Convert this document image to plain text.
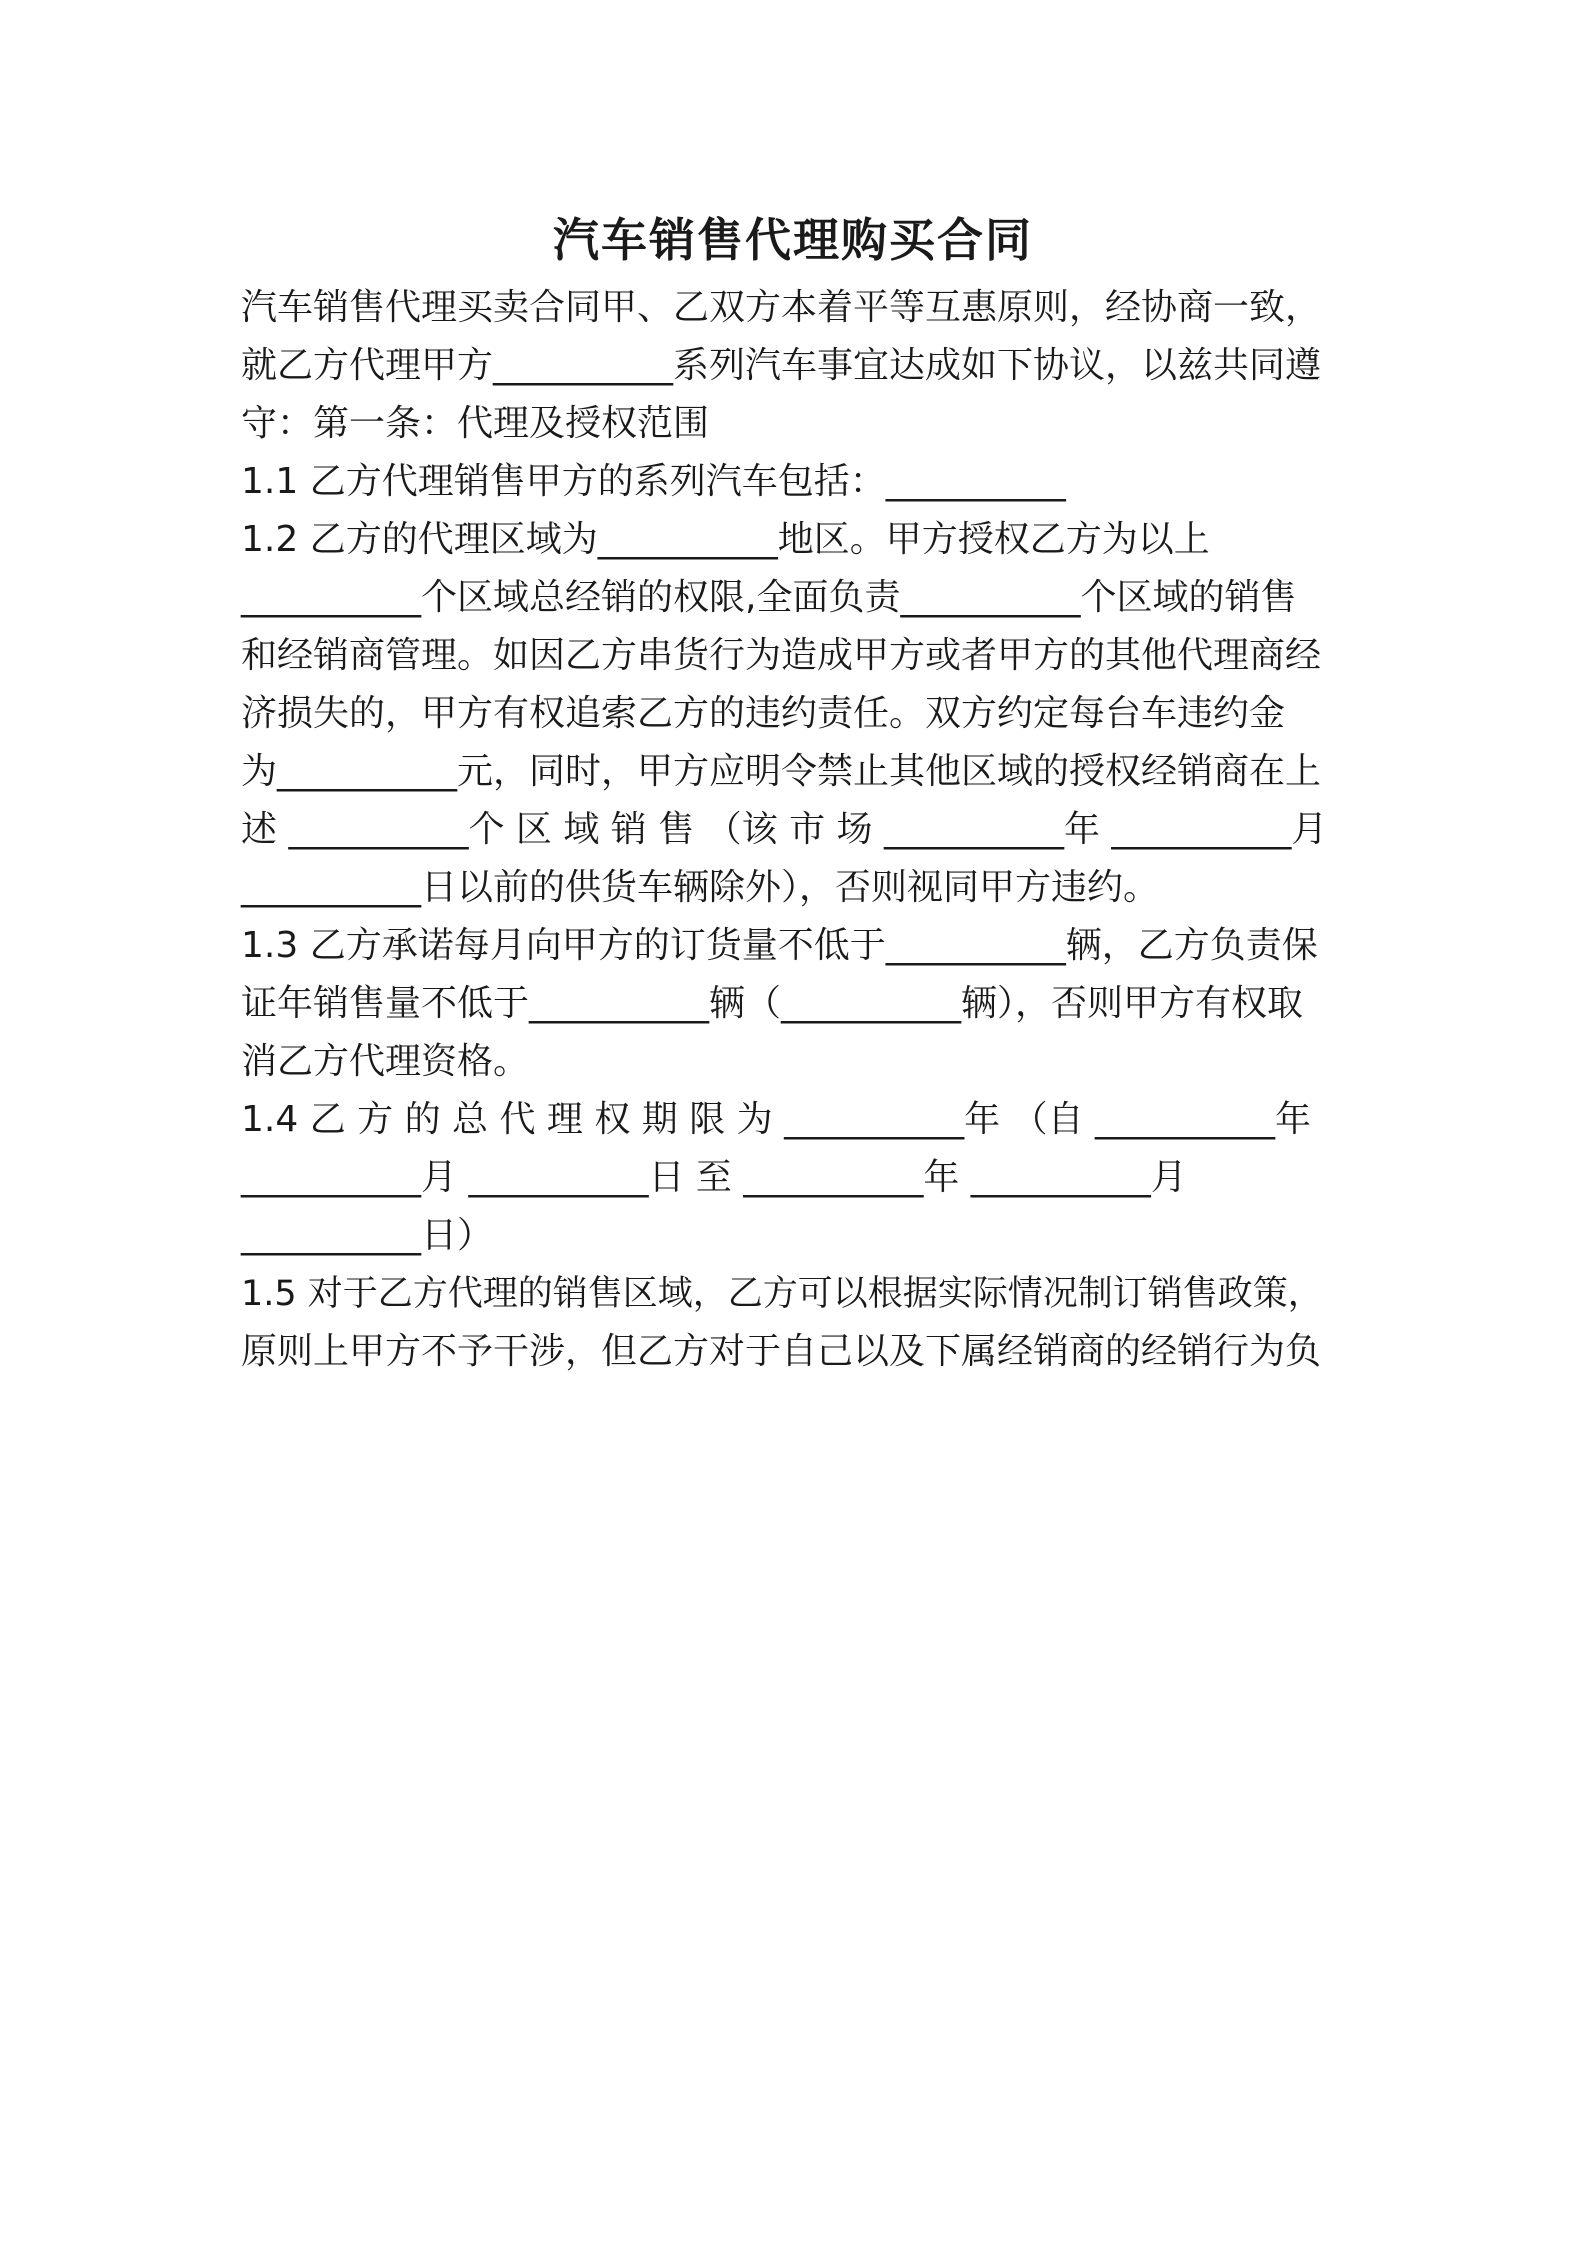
汽车销售代理购买合同
汽车销售代理买卖合同甲、乙双方本着平等互惠原则，经协商一致，
就乙方代理甲方__________系列汽车事宜达成如下协议，以兹共同遵
守：第一条：代理及授权范围
1.1 乙方代理销售甲方的系列汽车包括：__________
1.2 乙方的代理区域为__________地区。甲方授权乙方为以上
__________个区域总经销的权限,全面负责__________个区域的销售
和经销商管理。如因乙方串货行为造成甲方或者甲方的其他代理商经
济损失的，甲方有权追索乙方的违约责任。双方约定每台车违约金
为__________元，同时，甲方应明令禁止其他区域的授权经销商在上
述 __________个 区 域 销 售 （该 市 场 __________年 __________月
__________日以前的供货车辆除外），否则视同甲方违约。
1.3 乙方承诺每月向甲方的订货量不低于__________辆，乙方负责保
证年销售量不低于__________辆（__________辆），否则甲方有权取
消乙方代理资格。
1.4 乙 方 的 总 代 理 权 期 限 为 __________年 （自 __________年
__________月 __________日 至 __________年 __________月
__________日）
1.5 对于乙方代理的销售区域，乙方可以根据实际情况制订销售政策，
原则上甲方不予干涉，但乙方对于自己以及下属经销商的经销行为负
